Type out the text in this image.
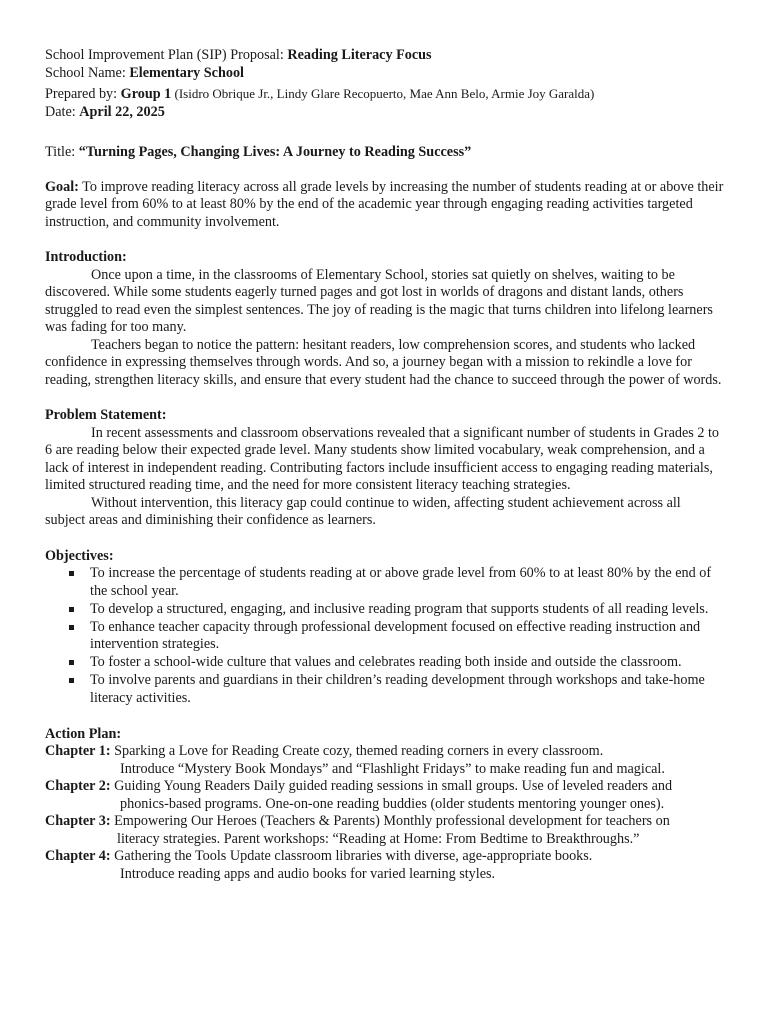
School Improvement Plan (SIP) Proposal: Reading Literacy Focus

School Name: Elementary School

Prepared by: Group 1 (Isidro Obrique Jr., Lindy Glare Recopuerto, Mae Ann Belo, Armie Joy Garalda)

Date: April 22, 2025

Title: “Turning Pages, Changing Lives: A Journey to Reading Success”

Goal: To improve reading literacy across all grade levels by increasing the number of students reading at or above their grade level from 60% to at least 80% by the end of the academic year through engaging reading activities targeted instruction, and community involvement.

Introduction:

Once upon a time, in the classrooms of Elementary School, stories sat quietly on shelves, waiting to be discovered. While some students eagerly turned pages and got lost in worlds of dragons and distant lands, others struggled to read even the simplest sentences. The joy of reading is the magic that turns children into lifelong learners was fading for too many.

Teachers began to notice the pattern: hesitant readers, low comprehension scores, and students who lacked confidence in expressing themselves through words. And so, a journey began with a mission to rekindle a love for reading, strengthen literacy skills, and ensure that every student had the chance to succeed through the power of words.

Problem Statement:

In recent assessments and classroom observations revealed that a significant number of students in Grades 2 to 6 are reading below their expected grade level. Many students show limited vocabulary, weak comprehension, and a lack of interest in independent reading. Contributing factors include insufficient access to engaging reading materials, limited structured reading time, and the need for more consistent literacy teaching strategies.

Without intervention, this literacy gap could continue to widen, affecting student achievement across all subject areas and diminishing their confidence as learners.

Objectives:

To increase the percentage of students reading at or above grade level from 60% to at least 80% by the end of the school year.
To develop a structured, engaging, and inclusive reading program that supports students of all reading levels.
To enhance teacher capacity through professional development focused on effective reading instruction and intervention strategies.
To foster a school-wide culture that values and celebrates reading both inside and outside the classroom.
To involve parents and guardians in their children’s reading development through workshops and take-home literacy activities.

Action Plan:

Chapter 1: Sparking a Love for Reading Create cozy, themed reading corners in every classroom.

Introduce “Mystery Book Mondays” and “Flashlight Fridays” to make reading fun and magical.

Chapter 2: Guiding Young Readers Daily guided reading sessions in small groups. Use of leveled readers and

phonics-based programs. One-on-one reading buddies (older students mentoring younger ones).

Chapter 3: Empowering Our Heroes (Teachers & Parents) Monthly professional development for teachers on

literacy strategies. Parent workshops: “Reading at Home: From Bedtime to Breakthroughs.”

Chapter 4: Gathering the Tools Update classroom libraries with diverse, age-appropriate books.

Introduce reading apps and audio books for varied learning styles.
